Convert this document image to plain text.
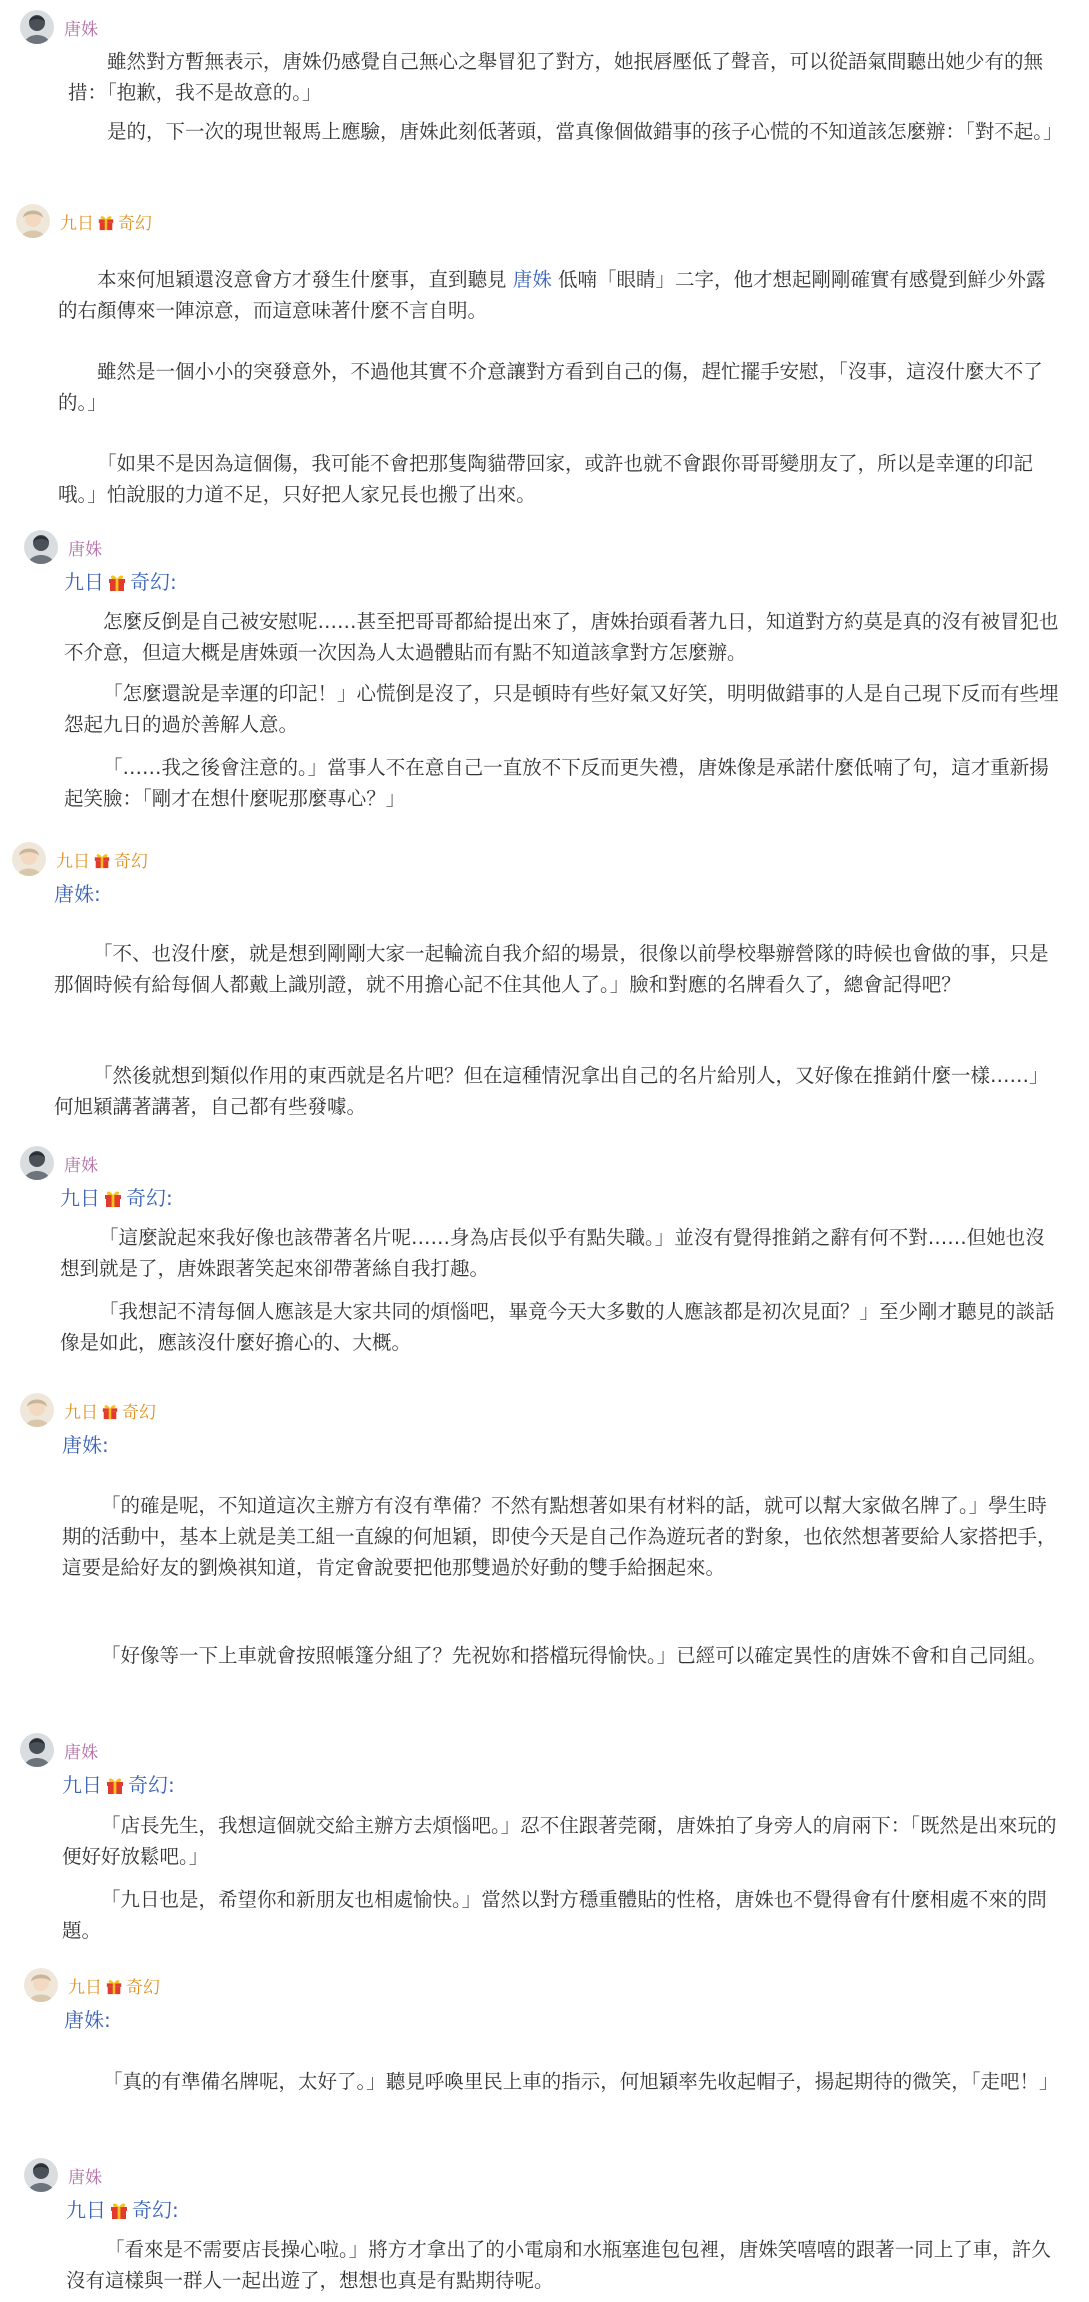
唐姝

雖然對方暫無表示，唐姝仍感覺自己無心之舉冒犯了對方，她抿唇壓低了聲音，可以從語氣間聽出她少有的無措：「抱歉，我不是故意的。」

是的，下一次的現世報馬上應驗，唐姝此刻低著頭，當真像個做錯事的孩子心慌的不知道該怎麼辦：「對不起。」

九日 奇幻

本來何旭穎還沒意會方才發生什麼事，直到聽見 唐姝 低喃「眼睛」二字，他才想起剛剛確實有感覺到鮮少外露的右顏傳來一陣涼意，而這意味著什麼不言自明。

雖然是一個小小的突發意外，不過他其實不介意讓對方看到自己的傷，趕忙擺手安慰，「沒事，這沒什麼大不了的。」

「如果不是因為這個傷，我可能不會把那隻陶貓帶回家，或許也就不會跟你哥哥變朋友了，所以是幸運的印記哦。」怕說服的力道不足，只好把人家兄長也搬了出來。

唐姝
九日 奇幻:

怎麼反倒是自己被安慰呢……甚至把哥哥都給提出來了，唐姝抬頭看著九日，知道對方約莫是真的沒有被冒犯也不介意，但這大概是唐姝頭一次因為人太過體貼而有點不知道該拿對方怎麼辦。

「怎麼還說是幸運的印記！」心慌倒是沒了，只是頓時有些好氣又好笑，明明做錯事的人是自己現下反而有些埋怨起九日的過於善解人意。

「……我之後會注意的。」當事人不在意自己一直放不下反而更失禮，唐姝像是承諾什麼低喃了句，這才重新揚起笑臉：「剛才在想什麼呢那麼專心？」

九日 奇幻
唐姝:

「不、也沒什麼，就是想到剛剛大家一起輪流自我介紹的場景，很像以前學校舉辦營隊的時候也會做的事，只是那個時候有給每個人都戴上識別證，就不用擔心記不住其他人了。」臉和對應的名牌看久了，總會記得吧？

「然後就想到類似作用的東西就是名片吧？但在這種情況拿出自己的名片給別人，又好像在推銷什麼一樣……」何旭穎講著講著，自己都有些發噱。

唐姝
九日 奇幻:

「這麼說起來我好像也該帶著名片呢……身為店長似乎有點失職。」並沒有覺得推銷之辭有何不對……但她也沒想到就是了，唐姝跟著笑起來卻帶著絲自我打趣。

「我想記不清每個人應該是大家共同的煩惱吧，畢竟今天大多數的人應該都是初次見面？」至少剛才聽見的談話像是如此，應該沒什麼好擔心的、大概。

九日 奇幻
唐姝:

「的確是呢，不知道這次主辦方有沒有準備？不然有點想著如果有材料的話，就可以幫大家做名牌了。」學生時期的活動中，基本上就是美工組一直線的何旭穎，即使今天是自己作為遊玩者的對象，也依然想著要給人家搭把手，這要是給好友的劉煥祺知道，肯定會說要把他那雙過於好動的雙手給捆起來。

「好像等一下上車就會按照帳篷分組了？先祝妳和搭檔玩得愉快。」已經可以確定異性的唐姝不會和自己同組。

唐姝
九日 奇幻:

「店長先生，我想這個就交給主辦方去煩惱吧。」忍不住跟著莞爾，唐姝拍了身旁人的肩兩下：「既然是出來玩的便好好放鬆吧。」

「九日也是，希望你和新朋友也相處愉快。」當然以對方穩重體貼的性格，唐姝也不覺得會有什麼相處不來的問題。

九日 奇幻
唐姝:

「真的有準備名牌呢，太好了。」聽見呼喚里民上車的指示，何旭穎率先收起帽子，揚起期待的微笑，「走吧！」

唐姝
九日 奇幻:

「看來是不需要店長操心啦。」將方才拿出了的小電扇和水瓶塞進包包裡，唐姝笑嘻嘻的跟著一同上了車，許久沒有這樣與一群人一起出遊了，想想也真是有點期待呢。
